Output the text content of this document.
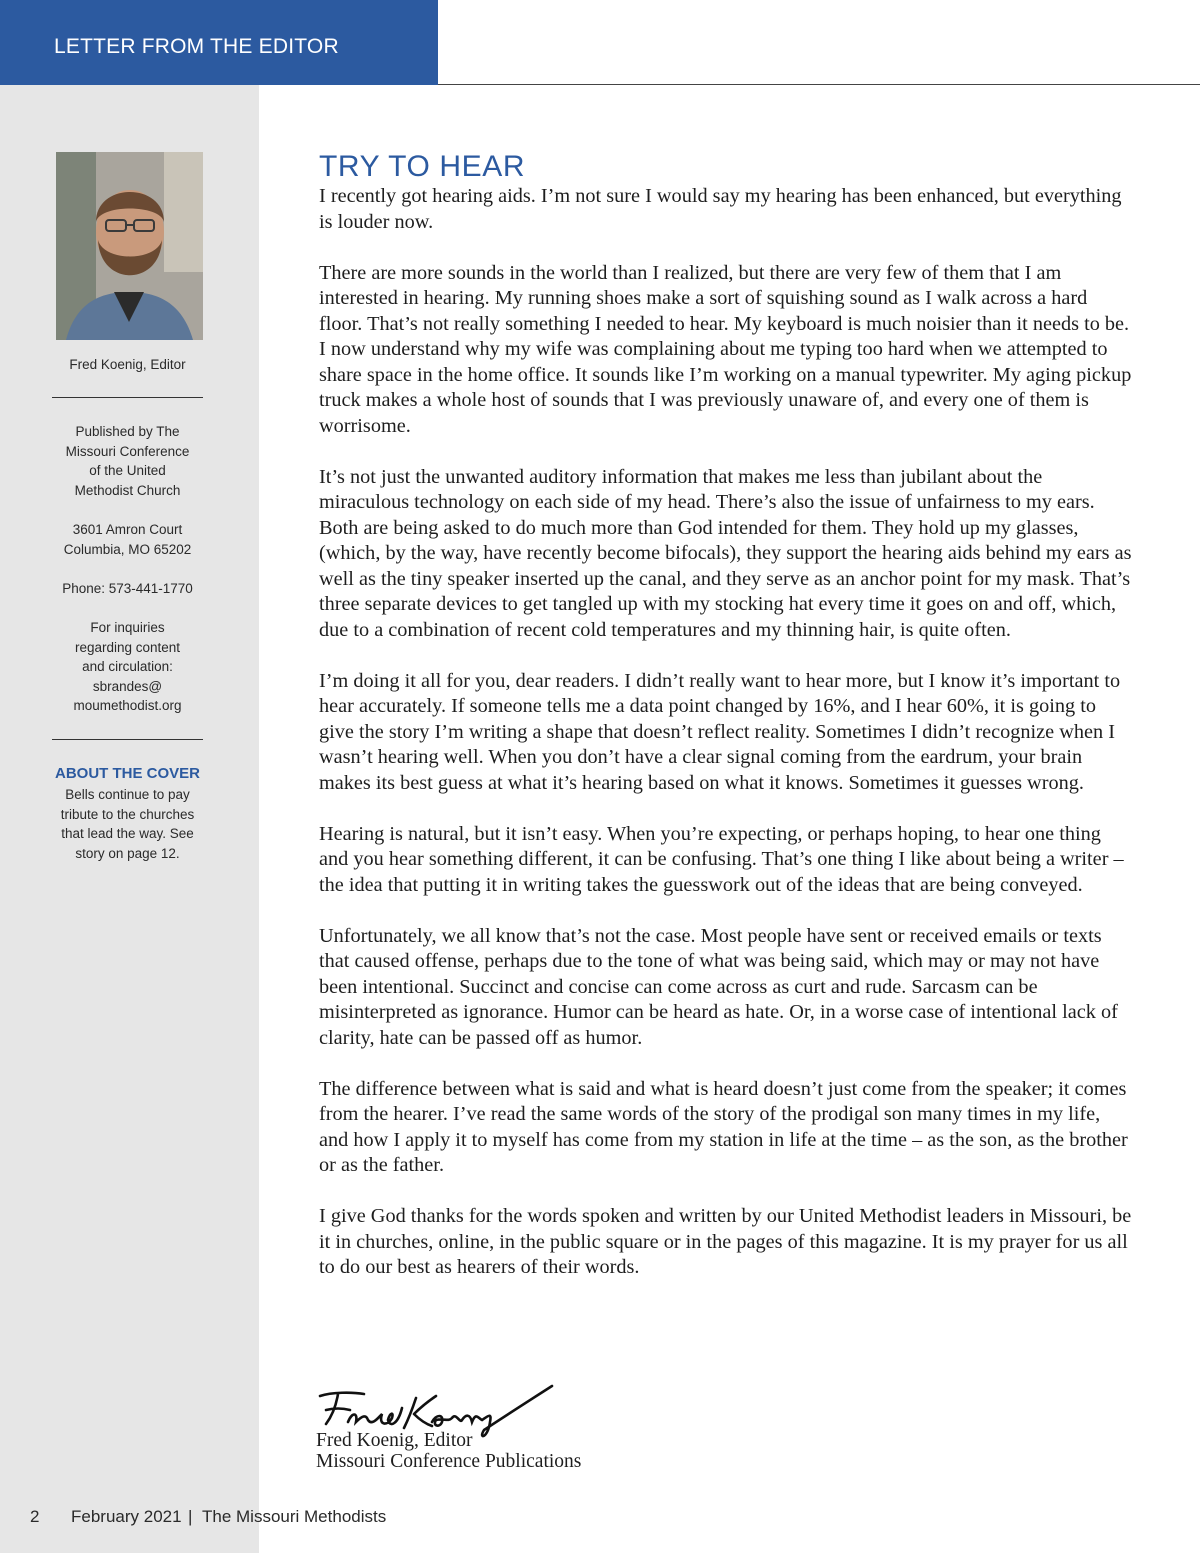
LETTER FROM THE EDITOR
Fred Koenig, Editor
Published by The
Missouri Conference
of the United
Methodist Church
3601 Amron Court
Columbia, MO 65202
Phone: 573-441-1770
For inquiries
regarding content
and circulation:
sbrandes@
moumethodist.org
ABOUT THE COVER
Bells continue to pay
tribute to the churches
that lead the way. See
story on page 12.
TRY TO HEAR

I recently got hearing aids. I’m not sure I would say my hearing has been enhanced, but everything is louder now.

There are more sounds in the world than I realized, but there are very few of them that I am interested in hearing. My running shoes make a sort of squishing sound as I walk across a hard floor. That’s not really something I needed to hear. My keyboard is much noisier than it needs to be. I now understand why my wife was complaining about me typing too hard when we attempted to share space in the home office. It sounds like I’m working on a manual typewriter. My aging pickup truck makes a whole host of sounds that I was previously unaware of, and every one of them is worrisome.

It’s not just the unwanted auditory information that makes me less than jubilant about the miraculous technology on each side of my head. There’s also the issue of unfairness to my ears. Both are being asked to do much more than God intended for them. They hold up my glasses, (which, by the way, have recently become bifocals), they support the hearing aids behind my ears as well as the tiny speaker inserted up the canal, and they serve as an anchor point for my mask. That’s three separate devices to get tangled up with my stocking hat every time it goes on and off, which, due to a combination of recent cold temperatures and my thinning hair, is quite often.

I’m doing it all for you, dear readers. I didn’t really want to hear more, but I know it’s important to hear accurately. If someone tells me a data point changed by 16%, and I hear 60%, it is going to give the story I’m writing a shape that doesn’t reflect reality. Sometimes I didn’t recognize when I wasn’t hearing well. When you don’t have a clear signal coming from the eardrum, your brain makes its best guess at what it’s hearing based on what it knows. Sometimes it guesses wrong.

Hearing is natural, but it isn’t easy. When you’re expecting, or perhaps hoping, to hear one thing and you hear something different, it can be confusing. That’s one thing I like about being a writer – the idea that putting it in writing takes the guesswork out of the ideas that are being conveyed.

Unfortunately, we all know that’s not the case. Most people have sent or received emails or texts that caused offense, perhaps due to the tone of what was being said, which may or may not have been intentional. Succinct and concise can come across as curt and rude. Sarcasm can be misinterpreted as ignorance. Humor can be heard as hate. Or, in a worse case of intentional lack of clarity, hate can be passed off as humor.

The difference between what is said and what is heard doesn’t just come from the speaker; it comes from the hearer. I’ve read the same words of the story of the prodigal son many times in my life, and how I apply it to myself has come from my station in life at the time – as the son, as the brother or as the father.

I give God thanks for the words spoken and written by our United Methodist leaders in Missouri, be it in churches, online, in the public square or in the pages of this magazine. It is my prayer for us all to do our best as hearers of their words.

Fred Koenig, Editor
Missouri Conference Publications
2 February 2021 | The Missouri Methodists
